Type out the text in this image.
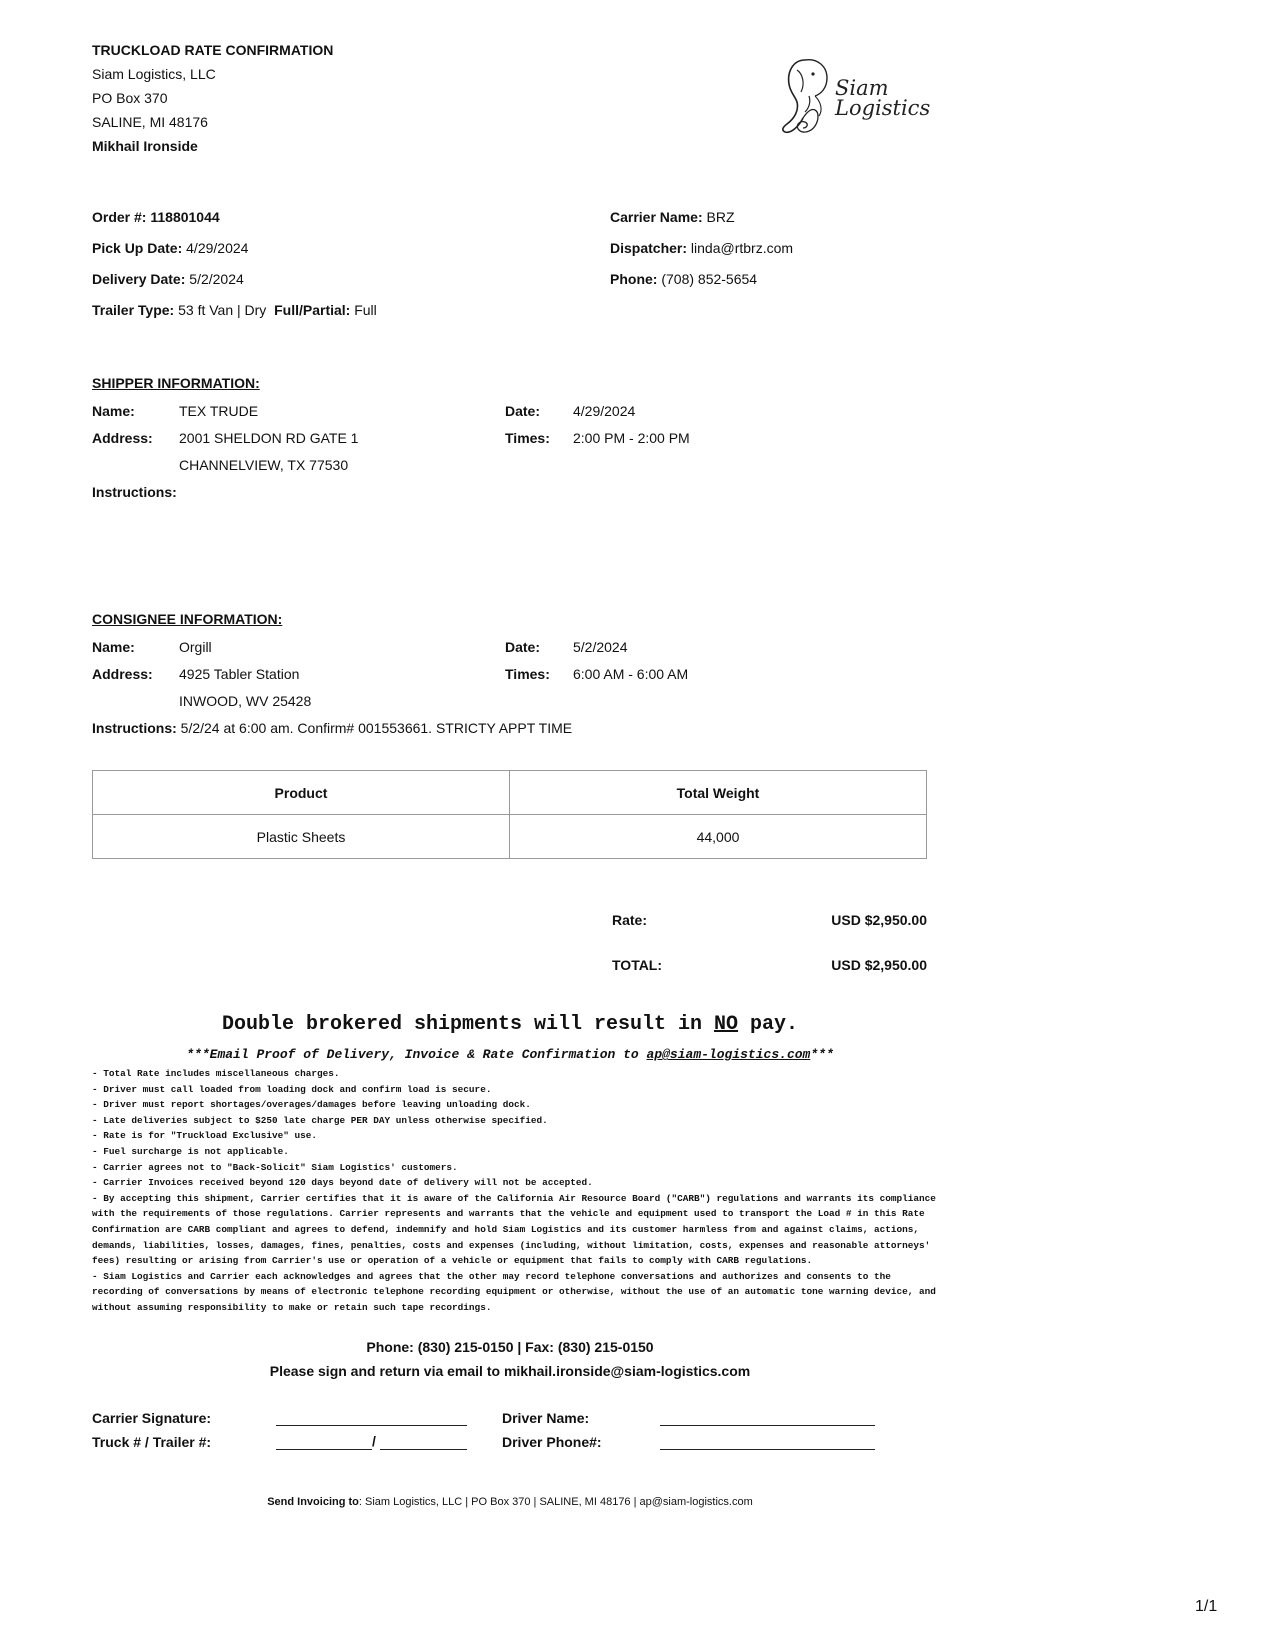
TRUCKLOAD RATE CONFIRMATION
Siam Logistics, LLC
PO Box 370
SALINE, MI 48176
Mikhail Ironside
Siam
Logistics
Order #: 118801044
Pick Up Date: 4/29/2024
Delivery Date: 5/2/2024
Trailer Type: 53 ft Van | Dry Full/Partial: Full
Carrier Name: BRZ
Dispatcher: linda@rtbrz.com
Phone: (708) 852-5654
SHIPPER INFORMATION:
Name:	TEX TRUDE
Address: 2001 SHELDON RD GATE 1
CHANNELVIEW, TX 77530
Instructions:
Date: 4/29/2024
Times: 2:00 PM - 2:00 PM
CONSIGNEE INFORMATION:
Name:	Orgill
Address: 4925 Tabler Station
INWOOD, WV 25428
Instructions: 5/2/24 at 6:00 am. Confirm# 001553661. STRICTY APPT TIME
Date: 5/2/2024
Times: 6:00 AM - 6:00 AM
Product	Total Weight
Plastic Sheets	44,000
Rate:	USD $2,950.00
TOTAL:	USD $2,950.00
Double brokered shipments will result in NO pay.
***Email Proof of Delivery, Invoice & Rate Confirmation to ap@siam-logistics.com***
- Total Rate includes miscellaneous charges.
- Driver must call loaded from loading dock and confirm load is secure.
- Driver must report shortages/overages/damages before leaving unloading dock.
- Late deliveries subject to $250 late charge PER DAY unless otherwise specified.
- Rate is for "Truckload Exclusive" use.
- Fuel surcharge is not applicable.
- Carrier agrees not to "Back-Solicit" Siam Logistics' customers.
- Carrier Invoices received beyond 120 days beyond date of delivery will not be accepted.
- By accepting this shipment, Carrier certifies that it is aware of the California Air Resource Board ("CARB") regulations and warrants its compliance with the requirements of those regulations. Carrier represents and warrants that the vehicle and equipment used to transport the Load # in this Rate Confirmation are CARB compliant and agrees to defend, indemnify and hold Siam Logistics and its customer harmless from and against claims, actions, demands, liabilities, losses, damages, fines, penalties, costs and expenses (including, without limitation, costs, expenses and reasonable attorneys' fees) resulting or arising from Carrier's use or operation of a vehicle or equipment that fails to comply with CARB regulations.
- Siam Logistics and Carrier each acknowledges and agrees that the other may record telephone conversations and authorizes and consents to the recording of conversations by means of electronic telephone recording equipment or otherwise, without the use of an automatic tone warning device, and without assuming responsibility to make or retain such tape recordings.
Phone: (830) 215-0150 | Fax: (830) 215-0150
Please sign and return via email to mikhail.ironside@siam-logistics.com
Carrier Signature:
Truck # / Trailer #:	/
Driver Name:
Driver Phone#:
Send Invoicing to: Siam Logistics, LLC | PO Box 370 | SALINE, MI 48176 | ap@siam-logistics.com
1/1
